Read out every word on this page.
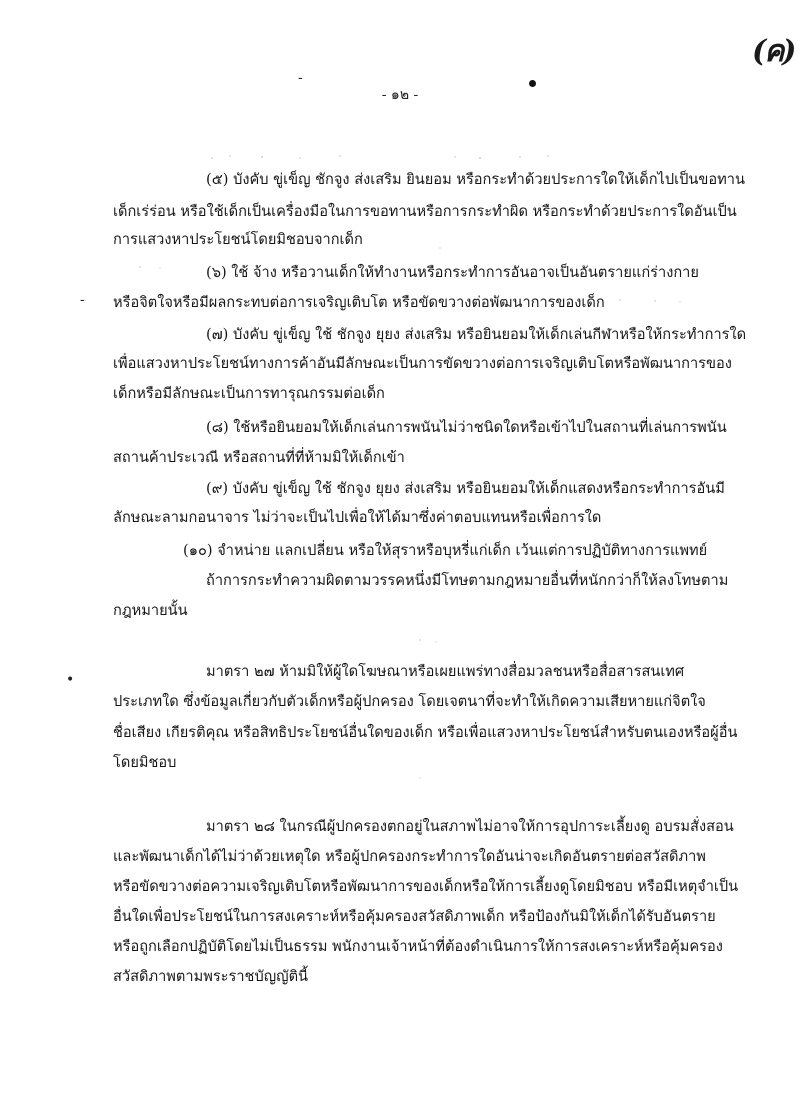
(ค)
- ๑๒ -
-
-
•
(๕) บังคับ ขู่เข็ญ ชักจูง ส่งเสริม ยินยอม หรือกระทำด้วยประการใดให้เด็กไปเป็นขอทาน
เด็กเร่ร่อน หรือใช้เด็กเป็นเครื่องมือในการขอทานหรือการกระทำผิด หรือกระทำด้วยประการใดอันเป็น
การแสวงหาประโยชน์โดยมิชอบจากเด็ก
(๖) ใช้ จ้าง หรือวานเด็กให้ทำงานหรือกระทำการอันอาจเป็นอันตรายแก่ร่างกาย
หรือจิตใจหรือมีผลกระทบต่อการเจริญเติบโต หรือขัดขวางต่อพัฒนาการของเด็ก
(๗) บังคับ ขู่เข็ญ ใช้ ชักจูง ยุยง ส่งเสริม หรือยินยอมให้เด็กเล่นกีฬาหรือให้กระทำการใด
เพื่อแสวงหาประโยชน์ทางการค้าอันมีลักษณะเป็นการขัดขวางต่อการเจริญเติบโตหรือพัฒนาการของ
เด็กหรือมีลักษณะเป็นการทารุณกรรมต่อเด็ก
(๘) ใช้หรือยินยอมให้เด็กเล่นการพนันไม่ว่าชนิดใดหรือเข้าไปในสถานที่เล่นการพนัน
สถานค้าประเวณี หรือสถานที่ที่ห้ามมิให้เด็กเข้า
(๙) บังคับ ขู่เข็ญ ใช้ ชักจูง ยุยง ส่งเสริม หรือยินยอมให้เด็กแสดงหรือกระทำการอันมี
ลักษณะลามกอนาจาร ไม่ว่าจะเป็นไปเพื่อให้ได้มาซึ่งค่าตอบแทนหรือเพื่อการใด
(๑๐) จำหน่าย แลกเปลี่ยน หรือให้สุราหรือบุหรี่แก่เด็ก เว้นแต่การปฏิบัติทางการแพทย์
ถ้าการกระทำความผิดตามวรรคหนึ่งมีโทษตามกฎหมายอื่นที่หนักกว่าก็ให้ลงโทษตาม
กฎหมายนั้น
มาตรา ๒๗ ห้ามมิให้ผู้ใดโฆษณาหรือเผยแพร่ทางสื่อมวลชนหรือสื่อสารสนเทศ
ประเภทใด ซึ่งข้อมูลเกี่ยวกับตัวเด็กหรือผู้ปกครอง โดยเจตนาที่จะทำให้เกิดความเสียหายแก่จิตใจ
ชื่อเสียง เกียรติคุณ หรือสิทธิประโยชน์อื่นใดของเด็ก หรือเพื่อแสวงหาประโยชน์สำหรับตนเองหรือผู้อื่น
โดยมิชอบ
มาตรา ๒๘ ในกรณีผู้ปกครองตกอยู่ในสภาพไม่อาจให้การอุปการะเลี้ยงดู อบรมสั่งสอน
และพัฒนาเด็กได้ไม่ว่าด้วยเหตุใด หรือผู้ปกครองกระทำการใดอันน่าจะเกิดอันตรายต่อสวัสดิภาพ
หรือขัดขวางต่อความเจริญเติบโตหรือพัฒนาการของเด็กหรือให้การเลี้ยงดูโดยมิชอบ หรือมีเหตุจำเป็น
อื่นใดเพื่อประโยชน์ในการสงเคราะห์หรือคุ้มครองสวัสดิภาพเด็ก หรือป้องกันมิให้เด็กได้รับอันตราย
หรือถูกเลือกปฏิบัติโดยไม่เป็นธรรม พนักงานเจ้าหน้าที่ต้องดำเนินการให้การสงเคราะห์หรือคุ้มครอง
สวัสดิภาพตามพระราชบัญญัตินี้
